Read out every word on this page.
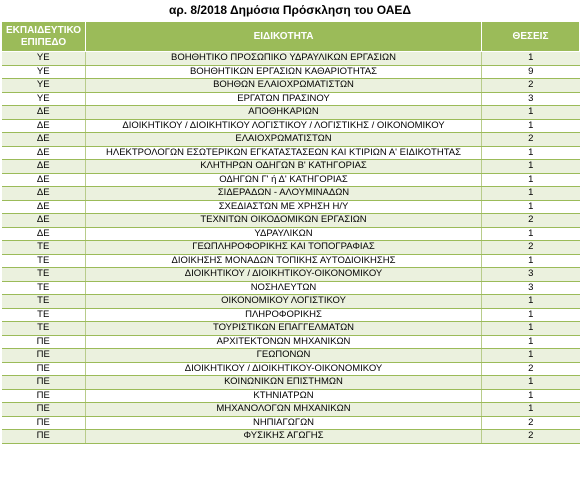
αρ. 8/2018 Δημόσια Πρόσκληση του ΟΑΕΔ
ΕΚΠΑΙΔΕΥΤΙΚΟ
ΕΠΙΠΕΔΟ	ΕΙΔΙΚΟΤΗΤΑ	ΘΕΣΕΙΣ
ΥΕ	ΒΟΗΘΗΤΙΚΟ ΠΡΟΣΩΠΙΚΟ ΥΔΡΑΥΛΙΚΩΝ ΕΡΓΑΣΙΩΝ	1
ΥΕ	ΒΟΗΘΗΤΙΚΩΝ ΕΡΓΑΣΙΩΝ ΚΑΘΑΡΙΟΤΗΤΑΣ	9
ΥΕ	ΒΟΗΘΩΝ ΕΛΑΙΟΧΡΩΜΑΤΙΣΤΩΝ	2
ΥΕ	ΕΡΓΑΤΩΝ ΠΡΑΣΙΝΟΥ	3
ΔΕ	ΑΠΟΘΗΚΑΡΙΩΝ	1
ΔΕ	ΔΙΟΙΚΗΤΙΚΟΥ / ΔΙΟΙΚΗΤΙΚΟΥ ΛΟΓΙΣΤΙΚΟΥ / ΛΟΓΙΣΤΙΚΗΣ / ΟΙΚΟΝΟΜΙΚΟΥ	1
ΔΕ	ΕΛΑΙΟΧΡΩΜΑΤΙΣΤΩΝ	2
ΔΕ	ΗΛΕΚΤΡΟΛΟΓΩΝ ΕΣΩΤΕΡΙΚΩΝ ΕΓΚΑΤΑΣΤΑΣΕΩΝ ΚΑΙ ΚΤΙΡΙΩΝ Α' ΕΙΔΙΚΟΤΗΤΑΣ	1
ΔΕ	ΚΛΗΤΗΡΩΝ ΟΔΗΓΩΝ Β' ΚΑΤΗΓΟΡΙΑΣ	1
ΔΕ	ΟΔΗΓΩΝ Γ' ή Δ' ΚΑΤΗΓΟΡΙΑΣ	1
ΔΕ	ΣΙΔΕΡΑΔΩΝ - ΑΛΟΥΜΙΝΑΔΩΝ	1
ΔΕ	ΣΧΕΔΙΑΣΤΩΝ ΜΕ ΧΡΗΣΗ Η/Υ	1
ΔΕ	ΤΕΧΝΙΤΩΝ ΟΙΚΟΔΟΜΙΚΩΝ ΕΡΓΑΣΙΩΝ	2
ΔΕ	ΥΔΡΑΥΛΙΚΩΝ	1
ΤΕ	ΓΕΩΠΛΗΡΟΦΟΡΙΚΗΣ ΚΑΙ ΤΟΠΟΓΡΑΦΙΑΣ	2
ΤΕ	ΔΙΟΙΚΗΣΗΣ ΜΟΝΑΔΩΝ ΤΟΠΙΚΗΣ ΑΥΤΟΔΙΟΙΚΗΣΗΣ	1
ΤΕ	ΔΙΟΙΚΗΤΙΚΟΥ / ΔΙΟΙΚΗΤΙΚΟΥ-ΟΙΚΟΝΟΜΙΚΟΥ	3
ΤΕ	ΝΟΣΗΛΕΥΤΩΝ	3
ΤΕ	ΟΙΚΟΝΟΜΙΚΟΥ ΛΟΓΙΣΤΙΚΟΥ	1
ΤΕ	ΠΛΗΡΟΦΟΡΙΚΗΣ	1
ΤΕ	ΤΟΥΡΙΣΤΙΚΩΝ ΕΠΑΓΓΕΛΜΑΤΩΝ	1
ΠΕ	ΑΡΧΙΤΕΚΤΟΝΩΝ ΜΗΧΑΝΙΚΩΝ	1
ΠΕ	ΓΕΩΠΟΝΩΝ	1
ΠΕ	ΔΙΟΙΚΗΤΙΚΟΥ / ΔΙΟΙΚΗΤΙΚΟΥ-ΟΙΚΟΝΟΜΙΚΟΥ	2
ΠΕ	ΚΟΙΝΩΝΙΚΩΝ ΕΠΙΣΤΗΜΩΝ	1
ΠΕ	ΚΤΗΝΙΑΤΡΩΝ	1
ΠΕ	ΜΗΧΑΝΟΛΟΓΩΝ ΜΗΧΑΝΙΚΩΝ	1
ΠΕ	ΝΗΠΙΑΓΩΓΩΝ	2
ΠΕ	ΦΥΣΙΚΗΣ ΑΓΩΓΗΣ	2
